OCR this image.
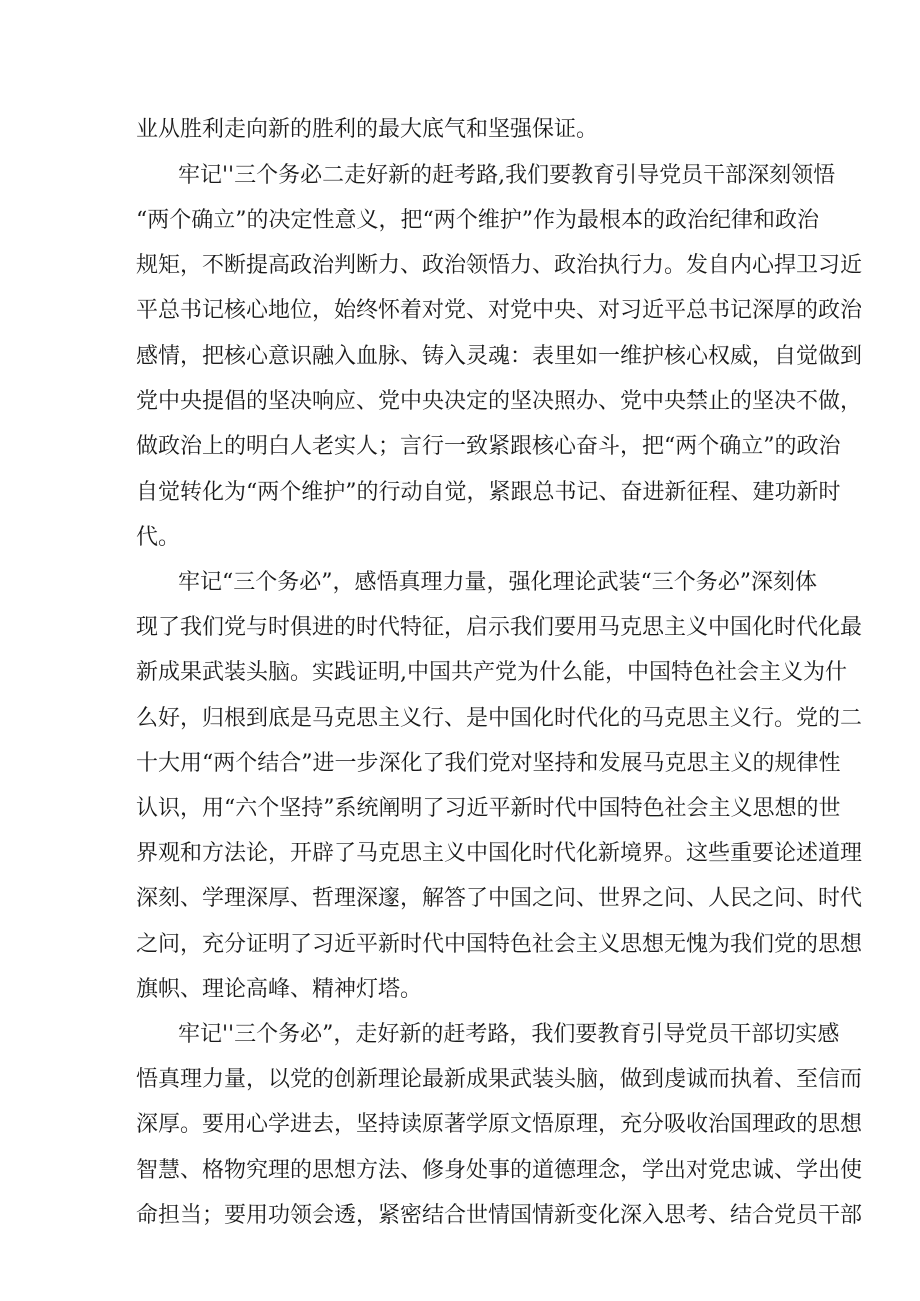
业从胜利走向新的胜利的最大底气和坚强保证。

牢记''三个务必二走好新的赶考路,我们要教育引导党员干部深刻领悟

“两个确立”的决定性意义，把“两个维护”作为最根本的政治纪律和政治

规矩，不断提高政治判断力、政治领悟力、政治执行力。发自内心捍卫习近

平总书记核心地位，始终怀着对党、对党中央、对习近平总书记深厚的政治

感情，把核心意识融入血脉、铸入灵魂：表里如一维护核心权威，自觉做到

党中央提倡的坚决响应、党中央决定的坚决照办、党中央禁止的坚决不做，

做政治上的明白人老实人；言行一致紧跟核心奋斗，把“两个确立”的政治

自觉转化为“两个维护”的行动自觉，紧跟总书记、奋进新征程、建功新时

代。

牢记“三个务必”，感悟真理力量，强化理论武装“三个务必”深刻体

现了我们党与时俱进的时代特征，启示我们要用马克思主义中国化时代化最

新成果武装头脑。实践证明,中国共产党为什么能，中国特色社会主义为什

么好，归根到底是马克思主义行、是中国化时代化的马克思主义行。党的二

十大用“两个结合”进一步深化了我们党对坚持和发展马克思主义的规律性

认识，用“六个坚持”系统阐明了习近平新时代中国特色社会主义思想的世

界观和方法论，开辟了马克思主义中国化时代化新境界。这些重要论述道理

深刻、学理深厚、哲理深邃，解答了中国之问、世界之问、人民之问、时代

之问，充分证明了习近平新时代中国特色社会主义思想无愧为我们党的思想

旗帜、理论高峰、精神灯塔。

牢记''三个务必”，走好新的赶考路，我们要教育引导党员干部切实感

悟真理力量，以党的创新理论最新成果武装头脑，做到虔诚而执着、至信而

深厚。要用心学进去，坚持读原著学原文悟原理，充分吸收治国理政的思想

智慧、格物究理的思想方法、修身处事的道德理念，学出对党忠诚、学出使

命担当；要用功领会透，紧密结合世情国情新变化深入思考、结合党员干部
